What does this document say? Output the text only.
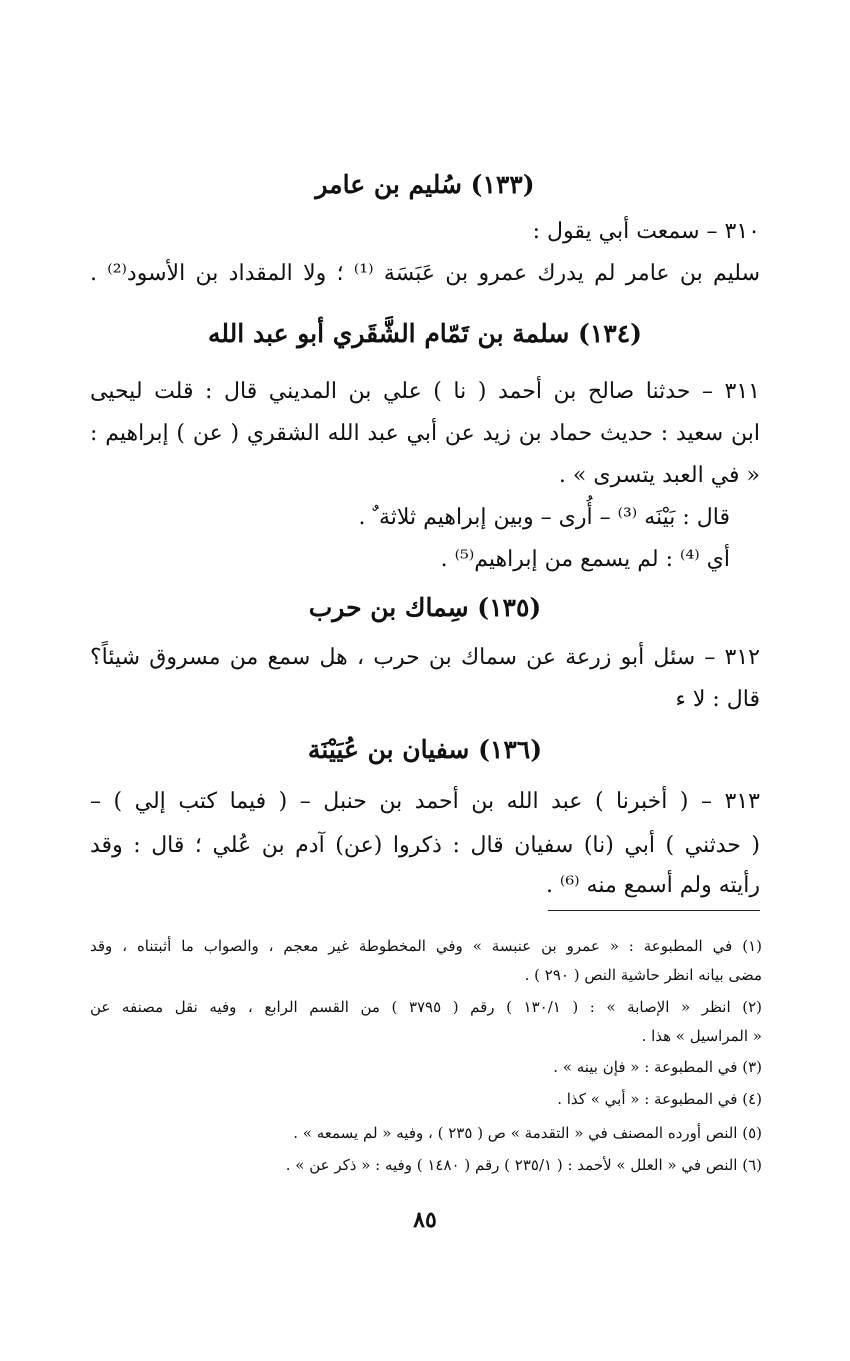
(١٣٣) سُليم بن عامر
٣١٠ – سمعت أبي يقول :
سليم بن عامر لم يدرك عمرو بن عَبَسَة ⁽¹⁾ ؛ ولا المقداد بن الأسود⁽²⁾ .
(١٣٤) سلمة بن تَمّام الشَّقَري أبو عبد الله
٣١١ – حدثنا صالح بن أحمد ( نا ) علي بن المديني قال : قلت ليحيى
ابن سعيد : حديث حماد بن زيد عن أبي عبد الله الشقري ( عن ) إبراهيم :
« في العبد يتسرى » .
قال : بَيْنَه ⁽³⁾ – أُرى – وبين إبراهيم ثلاثة ٌ .
أي ⁽⁴⁾ : لم يسمع من إبراهيم⁽⁵⁾ .
(١٣٥) سِماك بن حرب
٣١٢ – سئل أبو زرعة عن سماك بن حرب ، هل سمع من مسروق شيئاً؟
قال : لا ء
(١٣٦) سفيان بن عُيَيْنَة
٣١٣ – ( أخبرنا ) عبد الله بن أحمد بن حنبل – ( فيما كتب إلي ) –
( حدثني ) أبي (نا) سفيان قال : ذكروا (عن) آدم بن عُلي ؛ قال : وقد
رأيته ولم أسمع منه ⁽⁶⁾ .
(١) في المطبوعة : « عمرو بن عنبسة » وفي المخطوطة غير معجم ، والصواب ما أثبتناه ، وقد
مضى بيانه انظر حاشية النص ( ٢٩٠ ) .
(٢) انظر « الإصابة » : ( ١٣٠/١ ) رقم ( ٣٧٩٥ ) من القسم الرابع ، وفيه نقل مصنفه عن
« المراسيل » هذا .
(٣) في المطبوعة : « فإن بينه » .
(٤) في المطبوعة : « أبي » كذا .
(٥) النص أورده المصنف في « التقدمة » ص ( ٢٣٥ ) ، وفيه « لم يسمعه » .
(٦) النص في « العلل » لأحمد : ( ٢٣٥/١ ) رقم ( ١٤٨٠ ) وفيه : « ذكر عن » .
٨٥
